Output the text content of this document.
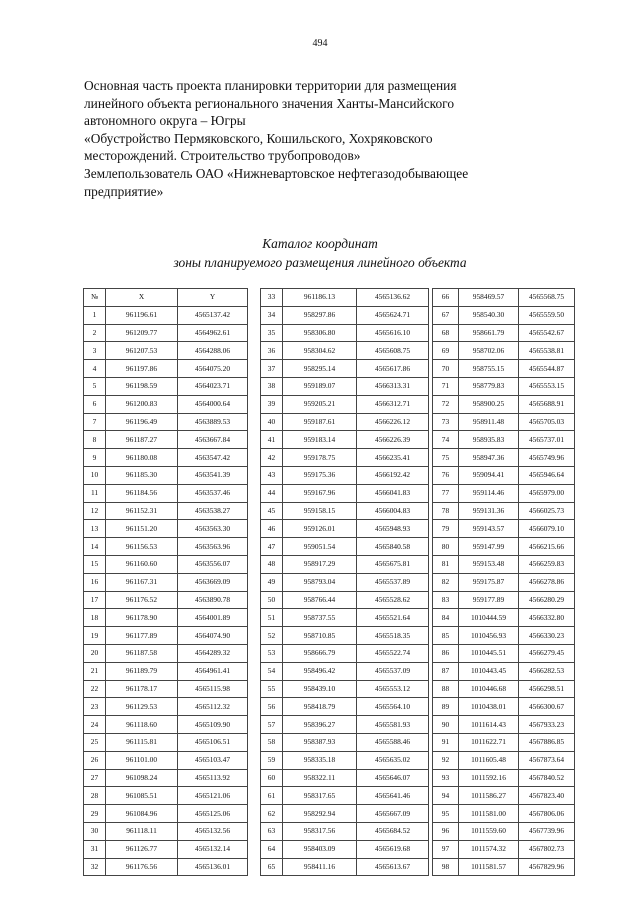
494
Основная часть проекта планировки территории для размещения
линейного объекта регионального значения Ханты-Мансийского
автономного округа – Югры
«Обустройство Пермяковского, Кошильского, Хохряковского
месторождений. Строительство трубопроводов»
Землепользователь ОАО «Нижневартовское нефтегазодобывающее
предприятие»
Каталог координат
зоны планируемого размещения линейного объекта
№	X	Y
1	961196.61	4565137.42
2	961209.77	4564962.61
3	961207.53	4564288.06
4	961197.86	4564075.20
5	961198.59	4564023.71
6	961200.83	4564000.64
7	961196.49	4563889.53
8	961187.27	4563667.84
9	961180.08	4563547.42
10	961185.30	4563541.39
11	961184.56	4563537.46
12	961152.31	4563538.27
13	961151.20	4563563.30
14	961156.53	4563563.96
15	961160.60	4563556.07
16	961167.31	4563669.09
17	961176.52	4563890.78
18	961178.90	4564001.89
19	961177.89	4564074.90
20	961187.58	4564289.32
21	961189.79	4564961.41
22	961178.17	4565115.98
23	961129.53	4565112.32
24	961118.60	4565109.90
25	961115.81	4565106.51
26	961101.00	4565103.47
27	961098.24	4565113.92
28	961085.51	4565121.06
29	961084.96	4565125.06
30	961118.11	4565132.56
31	961126.77	4565132.14
32	961176.56	4565136.01
33	961186.13	4565136.62
34	958297.86	4565624.71
35	958306.80	4565616.10
36	958304.62	4565608.75
37	958295.14	4565617.86
38	959189.07	4566313.31
39	959205.21	4566312.71
40	959187.61	4566226.12
41	959183.14	4566226.39
42	959178.75	4566235.41
43	959175.36	4566192.42
44	959167.96	4566041.83
45	959158.15	4566004.83
46	959126.01	4565948.93
47	959051.54	4565840.58
48	958917.29	4565675.81
49	958793.04	4565537.89
50	958766.44	4565528.62
51	958737.55	4565521.64
52	958710.85	4565518.35
53	958666.79	4565522.74
54	958496.42	4565537.09
55	958439.10	4565553.12
56	958418.79	4565564.10
57	958396.27	4565581.93
58	958387.93	4565588.46
59	958335.18	4565635.02
60	958322.11	4565646.07
61	958317.65	4565641.46
62	958292.94	4565667.09
63	958317.56	4565684.52
64	958403.09	4565619.68
65	958411.16	4565613.67
66	958469.57	4565568.75
67	958540.30	4565559.50
68	958661.79	4565542.67
69	958702.06	4565538.81
70	958755.15	4565544.87
71	958779.83	4565553.15
72	958900.25	4565688.91
73	958911.48	4565705.03
74	958935.83	4565737.01
75	958947.36	4565749.96
76	959094.41	4565946.64
77	959114.46	4565979.00
78	959131.36	4566025.73
79	959143.57	4566079.10
80	959147.99	4566215.66
81	959153.48	4566259.83
82	959175.87	4566278.86
83	959177.89	4566280.29
84	1010444.59	4566332.80
85	1010456.93	4566330.23
86	1010445.51	4566279.45
87	1010443.45	4566282.53
88	1010446.68	4566298.51
89	1010438.01	4566300.67
90	1011614.43	4567933.23
91	1011622.71	4567886.85
92	1011605.48	4567873.64
93	1011592.16	4567840.52
94	1011586.27	4567823.40
95	1011581.00	4567806.06
96	1011559.60	4567739.96
97	1011574.32	4567802.73
98	1011581.57	4567829.96
